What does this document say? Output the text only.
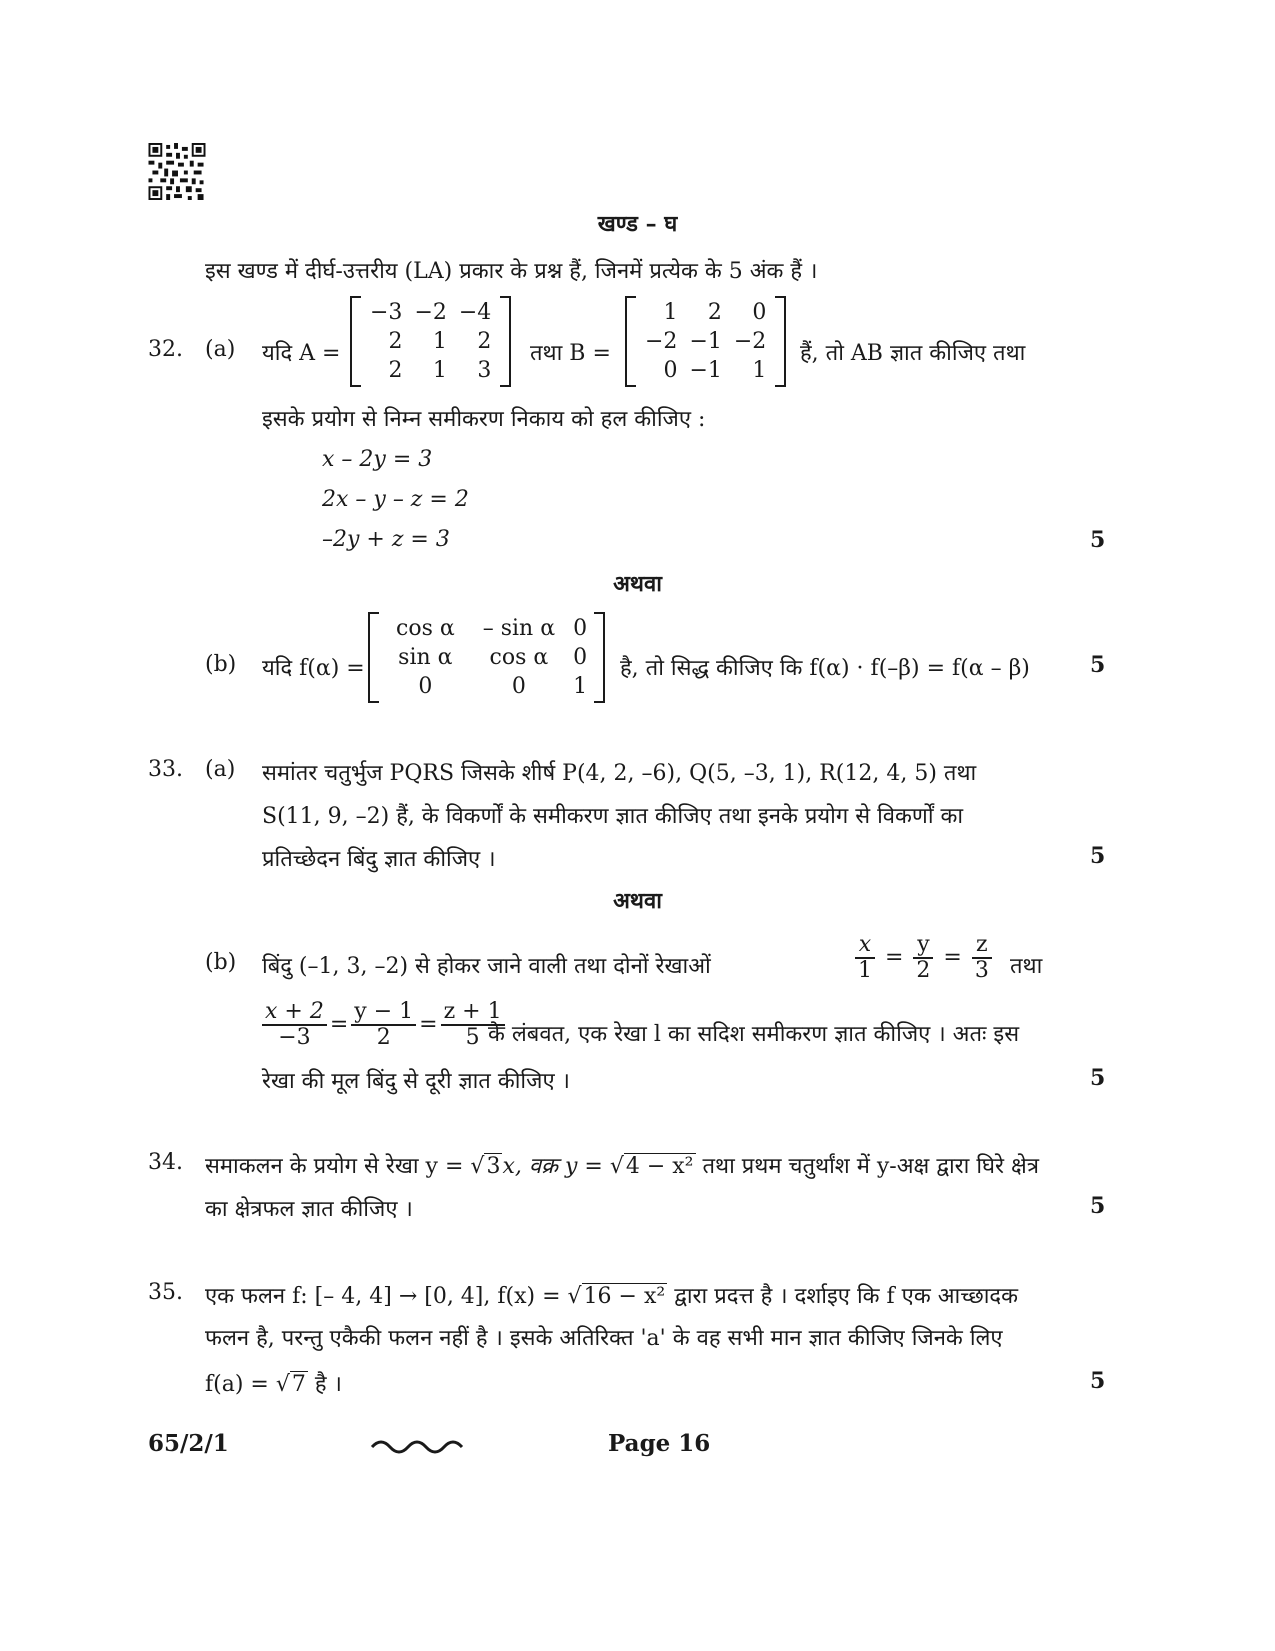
खण्ड – घ
इस खण्ड में दीर्घ-उत्तरीय (LA) प्रकार के प्रश्न हैं, जिनमें प्रत्येक के 5 अंक हैं ।
32. (a) यदि A =
−3	−2	−4
2	1	2
2	1	3
तथा B =
1	2	0
−2	−1	−2
0	−1	1
हैं, तो AB ज्ञात कीजिए तथा
इसके प्रयोग से निम्न समीकरण निकाय को हल कीजिए :
x – 2y = 3
2x – y – z = 2
–2y + z = 3	5
अथवा
(b) यदि f(α) =
cos α	– sin α	0
sin α	cos α	0
0	0	1
है, तो सिद्ध कीजिए कि f(α) · f(–β) = f(α – β)	5
33. (a) समांतर चतुर्भुज PQRS जिसके शीर्ष P(4, 2, –6), Q(5, –3, 1), R(12, 4, 5) तथा
S(11, 9, –2) हैं, के विकर्णों के समीकरण ज्ञात कीजिए तथा इनके प्रयोग से विकर्णों का
प्रतिच्छेदन बिंदु ज्ञात कीजिए ।	5
अथवा
(b) बिंदु (–1, 3, –2) से होकर जाने वाली तथा दोनों रेखाओं	$\frac{x}{1} = \frac{y}{2} = \frac{z}{3}$ तथा
$\frac{x + 2}{-3} = \frac{y - 1}{2} = \frac{z + 1}{5}$
के लंबवत, एक रेखा l का सदिश समीकरण ज्ञात कीजिए । अतः इस
रेखा की मूल बिंदु से दूरी ज्ञात कीजिए ।	5
34. समाकलन के प्रयोग से रेखा y = √3x, वक्र y = √4 − x² तथा प्रथम चतुर्थांश में y-अक्ष द्वारा घिरे क्षेत्र
का क्षेत्रफल ज्ञात कीजिए ।	5
35. एक फलन f: [– 4, 4] → [0, 4], f(x) = √16 − x² द्वारा प्रदत्त है । दर्शाइए कि f एक आच्छादक
फलन है, परन्तु एकैकी फलन नहीं है । इसके अतिरिक्त 'a' के वह सभी मान ज्ञात कीजिए जिनके लिए
f(a) = √7 है ।	5
65/2/1	Page 16
